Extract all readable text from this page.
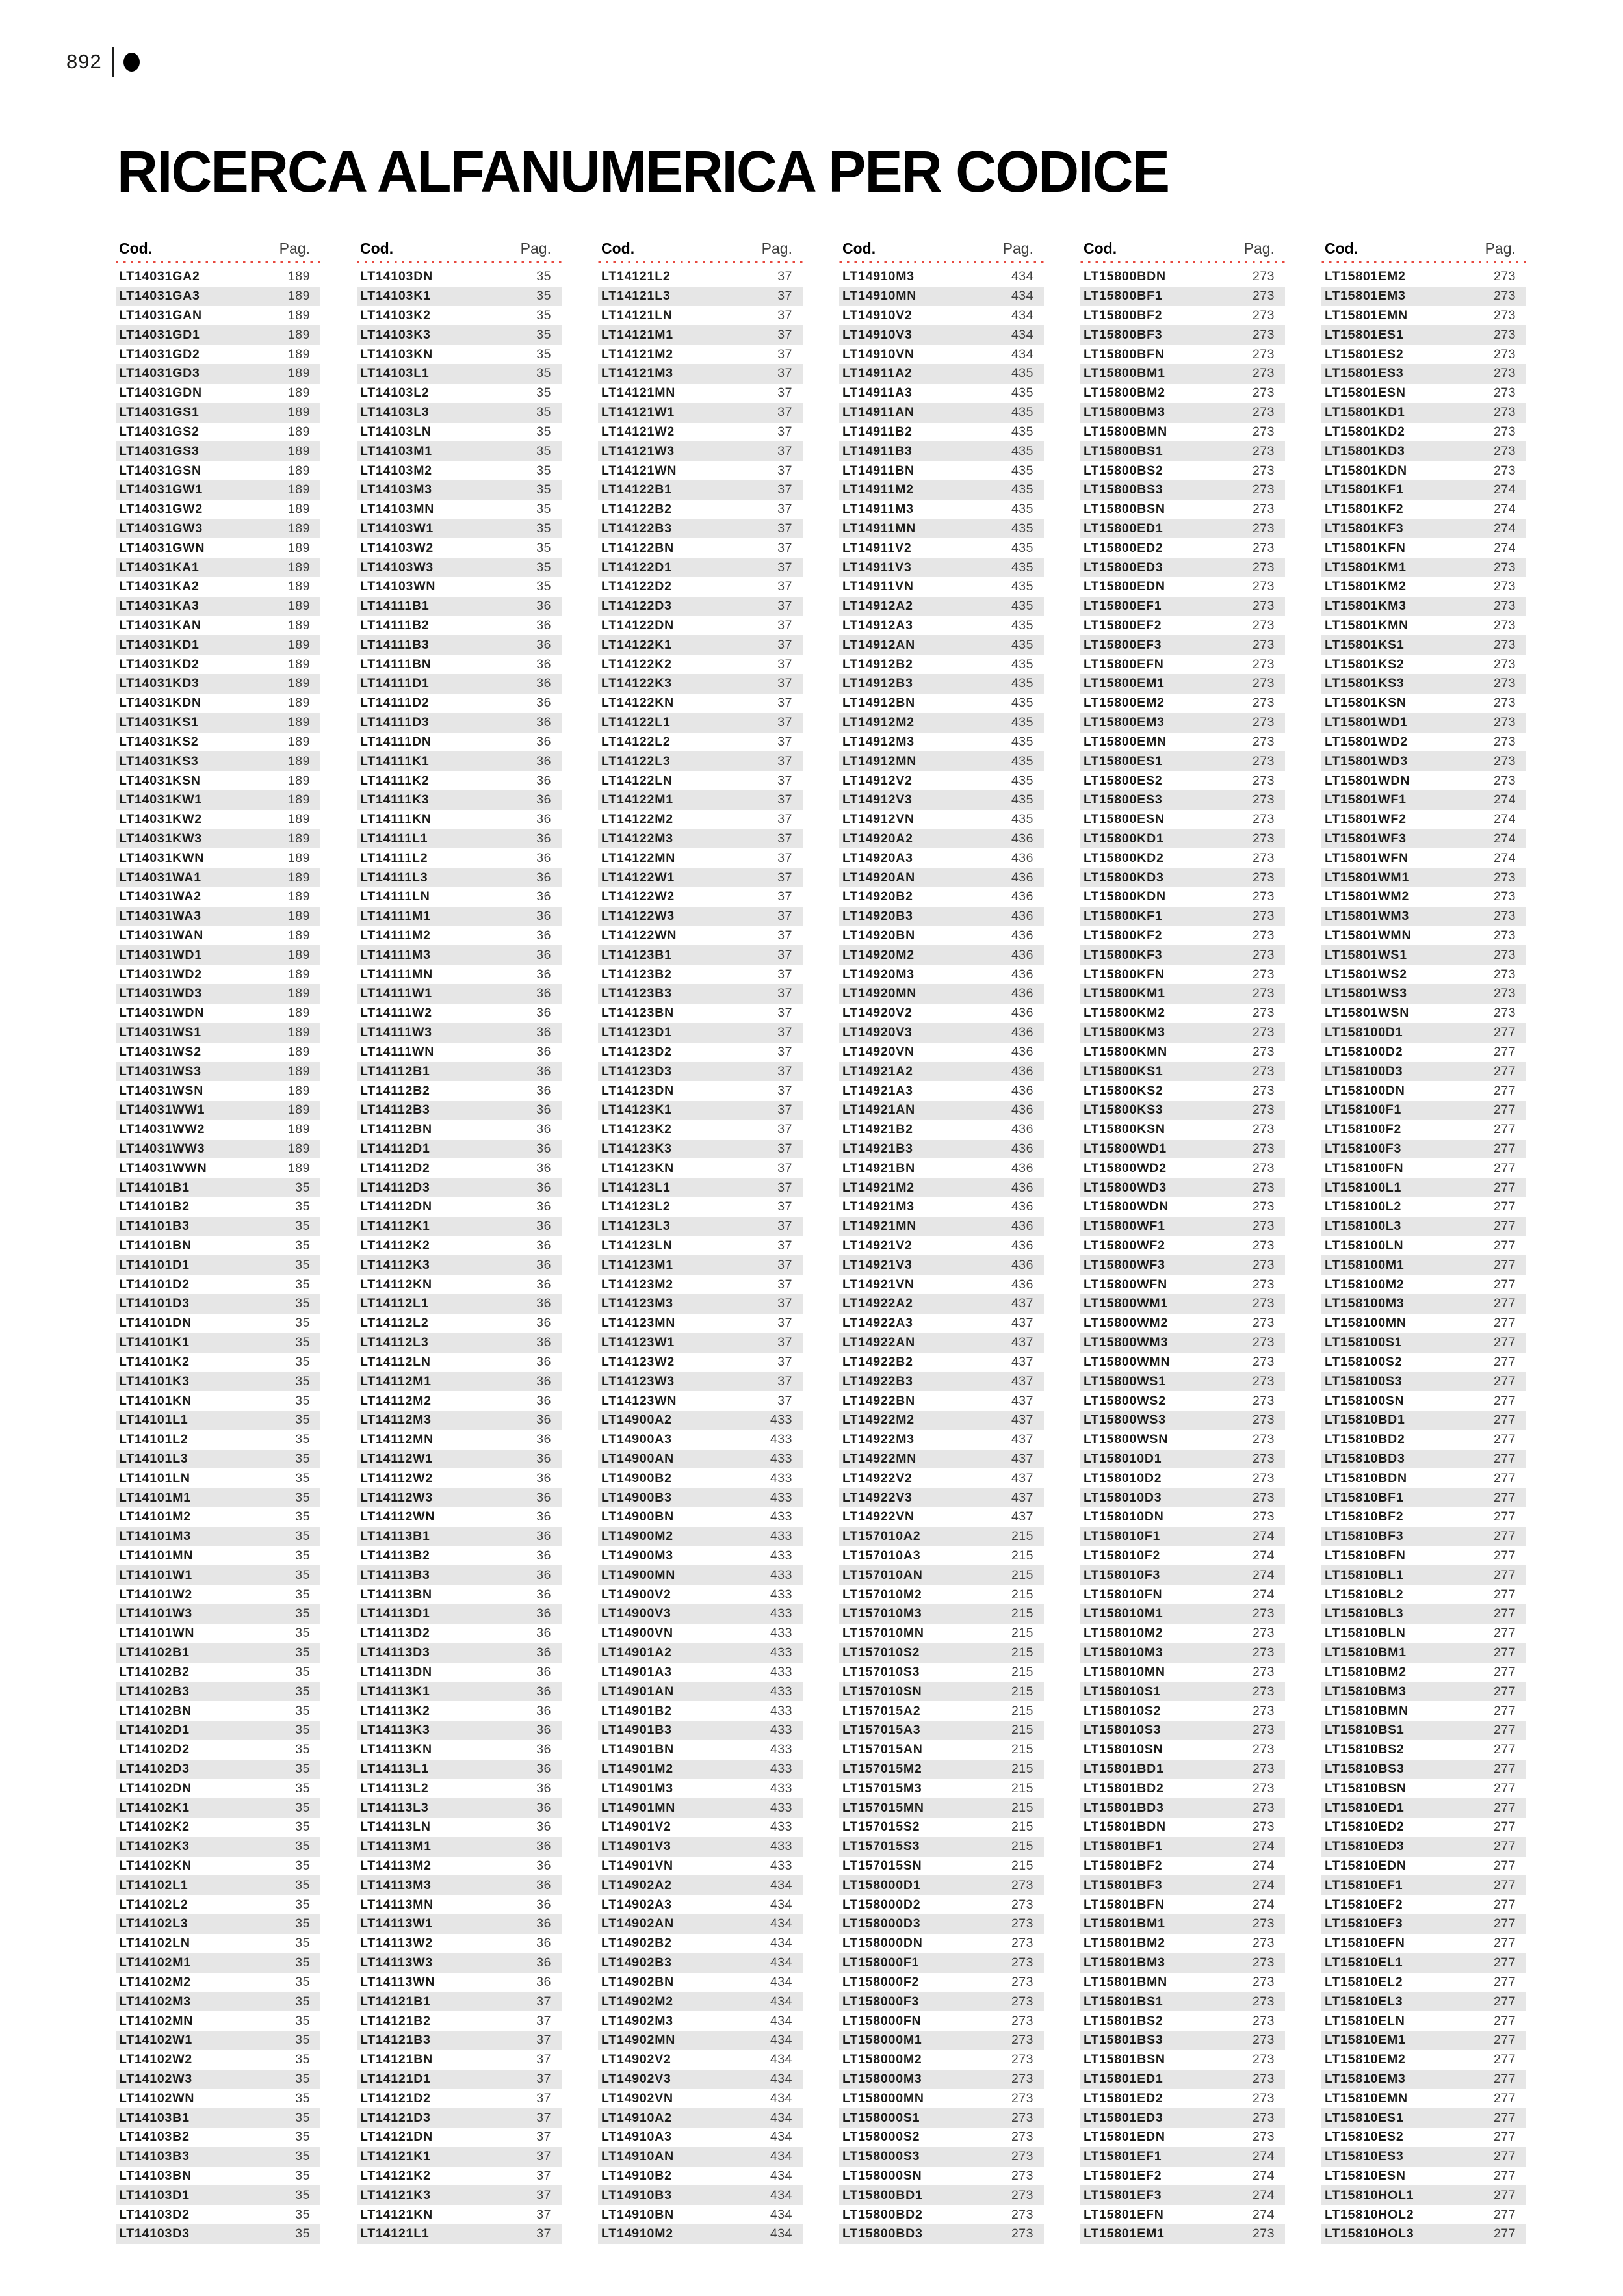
892
RICERCA ALFANUMERICA PER CODICE
Cod.	Pag.
LT14031GA2	189
LT14031GA3	189
LT14031GAN	189
LT14031GD1	189
LT14031GD2	189
LT14031GD3	189
LT14031GDN	189
LT14031GS1	189
LT14031GS2	189
LT14031GS3	189
LT14031GSN	189
LT14031GW1	189
LT14031GW2	189
LT14031GW3	189
LT14031GWN	189
LT14031KA1	189
LT14031KA2	189
LT14031KA3	189
LT14031KAN	189
LT14031KD1	189
LT14031KD2	189
LT14031KD3	189
LT14031KDN	189
LT14031KS1	189
LT14031KS2	189
LT14031KS3	189
LT14031KSN	189
LT14031KW1	189
LT14031KW2	189
LT14031KW3	189
LT14031KWN	189
LT14031WA1	189
LT14031WA2	189
LT14031WA3	189
LT14031WAN	189
LT14031WD1	189
LT14031WD2	189
LT14031WD3	189
LT14031WDN	189
LT14031WS1	189
LT14031WS2	189
LT14031WS3	189
LT14031WSN	189
LT14031WW1	189
LT14031WW2	189
LT14031WW3	189
LT14031WWN	189
LT14101B1	35
LT14101B2	35
LT14101B3	35
LT14101BN	35
LT14101D1	35
LT14101D2	35
LT14101D3	35
LT14101DN	35
LT14101K1	35
LT14101K2	35
LT14101K3	35
LT14101KN	35
LT14101L1	35
LT14101L2	35
LT14101L3	35
LT14101LN	35
LT14101M1	35
LT14101M2	35
LT14101M3	35
LT14101MN	35
LT14101W1	35
LT14101W2	35
LT14101W3	35
LT14101WN	35
LT14102B1	35
LT14102B2	35
LT14102B3	35
LT14102BN	35
LT14102D1	35
LT14102D2	35
LT14102D3	35
LT14102DN	35
LT14102K1	35
LT14102K2	35
LT14102K3	35
LT14102KN	35
LT14102L1	35
LT14102L2	35
LT14102L3	35
LT14102LN	35
LT14102M1	35
LT14102M2	35
LT14102M3	35
LT14102MN	35
LT14102W1	35
LT14102W2	35
LT14102W3	35
LT14102WN	35
LT14103B1	35
LT14103B2	35
LT14103B3	35
LT14103BN	35
LT14103D1	35
LT14103D2	35
LT14103D3	35
Cod.	Pag.
LT14103DN	35
LT14103K1	35
LT14103K2	35
LT14103K3	35
LT14103KN	35
LT14103L1	35
LT14103L2	35
LT14103L3	35
LT14103LN	35
LT14103M1	35
LT14103M2	35
LT14103M3	35
LT14103MN	35
LT14103W1	35
LT14103W2	35
LT14103W3	35
LT14103WN	35
LT14111B1	36
LT14111B2	36
LT14111B3	36
LT14111BN	36
LT14111D1	36
LT14111D2	36
LT14111D3	36
LT14111DN	36
LT14111K1	36
LT14111K2	36
LT14111K3	36
LT14111KN	36
LT14111L1	36
LT14111L2	36
LT14111L3	36
LT14111LN	36
LT14111M1	36
LT14111M2	36
LT14111M3	36
LT14111MN	36
LT14111W1	36
LT14111W2	36
LT14111W3	36
LT14111WN	36
LT14112B1	36
LT14112B2	36
LT14112B3	36
LT14112BN	36
LT14112D1	36
LT14112D2	36
LT14112D3	36
LT14112DN	36
LT14112K1	36
LT14112K2	36
LT14112K3	36
LT14112KN	36
LT14112L1	36
LT14112L2	36
LT14112L3	36
LT14112LN	36
LT14112M1	36
LT14112M2	36
LT14112M3	36
LT14112MN	36
LT14112W1	36
LT14112W2	36
LT14112W3	36
LT14112WN	36
LT14113B1	36
LT14113B2	36
LT14113B3	36
LT14113BN	36
LT14113D1	36
LT14113D2	36
LT14113D3	36
LT14113DN	36
LT14113K1	36
LT14113K2	36
LT14113K3	36
LT14113KN	36
LT14113L1	36
LT14113L2	36
LT14113L3	36
LT14113LN	36
LT14113M1	36
LT14113M2	36
LT14113M3	36
LT14113MN	36
LT14113W1	36
LT14113W2	36
LT14113W3	36
LT14113WN	36
LT14121B1	37
LT14121B2	37
LT14121B3	37
LT14121BN	37
LT14121D1	37
LT14121D2	37
LT14121D3	37
LT14121DN	37
LT14121K1	37
LT14121K2	37
LT14121K3	37
LT14121KN	37
LT14121L1	37
Cod.	Pag.
LT14121L2	37
LT14121L3	37
LT14121LN	37
LT14121M1	37
LT14121M2	37
LT14121M3	37
LT14121MN	37
LT14121W1	37
LT14121W2	37
LT14121W3	37
LT14121WN	37
LT14122B1	37
LT14122B2	37
LT14122B3	37
LT14122BN	37
LT14122D1	37
LT14122D2	37
LT14122D3	37
LT14122DN	37
LT14122K1	37
LT14122K2	37
LT14122K3	37
LT14122KN	37
LT14122L1	37
LT14122L2	37
LT14122L3	37
LT14122LN	37
LT14122M1	37
LT14122M2	37
LT14122M3	37
LT14122MN	37
LT14122W1	37
LT14122W2	37
LT14122W3	37
LT14122WN	37
LT14123B1	37
LT14123B2	37
LT14123B3	37
LT14123BN	37
LT14123D1	37
LT14123D2	37
LT14123D3	37
LT14123DN	37
LT14123K1	37
LT14123K2	37
LT14123K3	37
LT14123KN	37
LT14123L1	37
LT14123L2	37
LT14123L3	37
LT14123LN	37
LT14123M1	37
LT14123M2	37
LT14123M3	37
LT14123MN	37
LT14123W1	37
LT14123W2	37
LT14123W3	37
LT14123WN	37
LT14900A2	433
LT14900A3	433
LT14900AN	433
LT14900B2	433
LT14900B3	433
LT14900BN	433
LT14900M2	433
LT14900M3	433
LT14900MN	433
LT14900V2	433
LT14900V3	433
LT14900VN	433
LT14901A2	433
LT14901A3	433
LT14901AN	433
LT14901B2	433
LT14901B3	433
LT14901BN	433
LT14901M2	433
LT14901M3	433
LT14901MN	433
LT14901V2	433
LT14901V3	433
LT14901VN	433
LT14902A2	434
LT14902A3	434
LT14902AN	434
LT14902B2	434
LT14902B3	434
LT14902BN	434
LT14902M2	434
LT14902M3	434
LT14902MN	434
LT14902V2	434
LT14902V3	434
LT14902VN	434
LT14910A2	434
LT14910A3	434
LT14910AN	434
LT14910B2	434
LT14910B3	434
LT14910BN	434
LT14910M2	434
Cod.	Pag.
LT14910M3	434
LT14910MN	434
LT14910V2	434
LT14910V3	434
LT14910VN	434
LT14911A2	435
LT14911A3	435
LT14911AN	435
LT14911B2	435
LT14911B3	435
LT14911BN	435
LT14911M2	435
LT14911M3	435
LT14911MN	435
LT14911V2	435
LT14911V3	435
LT14911VN	435
LT14912A2	435
LT14912A3	435
LT14912AN	435
LT14912B2	435
LT14912B3	435
LT14912BN	435
LT14912M2	435
LT14912M3	435
LT14912MN	435
LT14912V2	435
LT14912V3	435
LT14912VN	435
LT14920A2	436
LT14920A3	436
LT14920AN	436
LT14920B2	436
LT14920B3	436
LT14920BN	436
LT14920M2	436
LT14920M3	436
LT14920MN	436
LT14920V2	436
LT14920V3	436
LT14920VN	436
LT14921A2	436
LT14921A3	436
LT14921AN	436
LT14921B2	436
LT14921B3	436
LT14921BN	436
LT14921M2	436
LT14921M3	436
LT14921MN	436
LT14921V2	436
LT14921V3	436
LT14921VN	436
LT14922A2	437
LT14922A3	437
LT14922AN	437
LT14922B2	437
LT14922B3	437
LT14922BN	437
LT14922M2	437
LT14922M3	437
LT14922MN	437
LT14922V2	437
LT14922V3	437
LT14922VN	437
LT157010A2	215
LT157010A3	215
LT157010AN	215
LT157010M2	215
LT157010M3	215
LT157010MN	215
LT157010S2	215
LT157010S3	215
LT157010SN	215
LT157015A2	215
LT157015A3	215
LT157015AN	215
LT157015M2	215
LT157015M3	215
LT157015MN	215
LT157015S2	215
LT157015S3	215
LT157015SN	215
LT158000D1	273
LT158000D2	273
LT158000D3	273
LT158000DN	273
LT158000F1	273
LT158000F2	273
LT158000F3	273
LT158000FN	273
LT158000M1	273
LT158000M2	273
LT158000M3	273
LT158000MN	273
LT158000S1	273
LT158000S2	273
LT158000S3	273
LT158000SN	273
LT15800BD1	273
LT15800BD2	273
LT15800BD3	273
Cod.	Pag.
LT15800BDN	273
LT15800BF1	273
LT15800BF2	273
LT15800BF3	273
LT15800BFN	273
LT15800BM1	273
LT15800BM2	273
LT15800BM3	273
LT15800BMN	273
LT15800BS1	273
LT15800BS2	273
LT15800BS3	273
LT15800BSN	273
LT15800ED1	273
LT15800ED2	273
LT15800ED3	273
LT15800EDN	273
LT15800EF1	273
LT15800EF2	273
LT15800EF3	273
LT15800EFN	273
LT15800EM1	273
LT15800EM2	273
LT15800EM3	273
LT15800EMN	273
LT15800ES1	273
LT15800ES2	273
LT15800ES3	273
LT15800ESN	273
LT15800KD1	273
LT15800KD2	273
LT15800KD3	273
LT15800KDN	273
LT15800KF1	273
LT15800KF2	273
LT15800KF3	273
LT15800KFN	273
LT15800KM1	273
LT15800KM2	273
LT15800KM3	273
LT15800KMN	273
LT15800KS1	273
LT15800KS2	273
LT15800KS3	273
LT15800KSN	273
LT15800WD1	273
LT15800WD2	273
LT15800WD3	273
LT15800WDN	273
LT15800WF1	273
LT15800WF2	273
LT15800WF3	273
LT15800WFN	273
LT15800WM1	273
LT15800WM2	273
LT15800WM3	273
LT15800WMN	273
LT15800WS1	273
LT15800WS2	273
LT15800WS3	273
LT15800WSN	273
LT158010D1	273
LT158010D2	273
LT158010D3	273
LT158010DN	273
LT158010F1	274
LT158010F2	274
LT158010F3	274
LT158010FN	274
LT158010M1	273
LT158010M2	273
LT158010M3	273
LT158010MN	273
LT158010S1	273
LT158010S2	273
LT158010S3	273
LT158010SN	273
LT15801BD1	273
LT15801BD2	273
LT15801BD3	273
LT15801BDN	273
LT15801BF1	274
LT15801BF2	274
LT15801BF3	274
LT15801BFN	274
LT15801BM1	273
LT15801BM2	273
LT15801BM3	273
LT15801BMN	273
LT15801BS1	273
LT15801BS2	273
LT15801BS3	273
LT15801BSN	273
LT15801ED1	273
LT15801ED2	273
LT15801ED3	273
LT15801EDN	273
LT15801EF1	274
LT15801EF2	274
LT15801EF3	274
LT15801EFN	274
LT15801EM1	273
Cod.	Pag.
LT15801EM2	273
LT15801EM3	273
LT15801EMN	273
LT15801ES1	273
LT15801ES2	273
LT15801ES3	273
LT15801ESN	273
LT15801KD1	273
LT15801KD2	273
LT15801KD3	273
LT15801KDN	273
LT15801KF1	274
LT15801KF2	274
LT15801KF3	274
LT15801KFN	274
LT15801KM1	273
LT15801KM2	273
LT15801KM3	273
LT15801KMN	273
LT15801KS1	273
LT15801KS2	273
LT15801KS3	273
LT15801KSN	273
LT15801WD1	273
LT15801WD2	273
LT15801WD3	273
LT15801WDN	273
LT15801WF1	274
LT15801WF2	274
LT15801WF3	274
LT15801WFN	274
LT15801WM1	273
LT15801WM2	273
LT15801WM3	273
LT15801WMN	273
LT15801WS1	273
LT15801WS2	273
LT15801WS3	273
LT15801WSN	273
LT158100D1	277
LT158100D2	277
LT158100D3	277
LT158100DN	277
LT158100F1	277
LT158100F2	277
LT158100F3	277
LT158100FN	277
LT158100L1	277
LT158100L2	277
LT158100L3	277
LT158100LN	277
LT158100M1	277
LT158100M2	277
LT158100M3	277
LT158100MN	277
LT158100S1	277
LT158100S2	277
LT158100S3	277
LT158100SN	277
LT15810BD1	277
LT15810BD2	277
LT15810BD3	277
LT15810BDN	277
LT15810BF1	277
LT15810BF2	277
LT15810BF3	277
LT15810BFN	277
LT15810BL1	277
LT15810BL2	277
LT15810BL3	277
LT15810BLN	277
LT15810BM1	277
LT15810BM2	277
LT15810BM3	277
LT15810BMN	277
LT15810BS1	277
LT15810BS2	277
LT15810BS3	277
LT15810BSN	277
LT15810ED1	277
LT15810ED2	277
LT15810ED3	277
LT15810EDN	277
LT15810EF1	277
LT15810EF2	277
LT15810EF3	277
LT15810EFN	277
LT15810EL1	277
LT15810EL2	277
LT15810EL3	277
LT15810ELN	277
LT15810EM1	277
LT15810EM2	277
LT15810EM3	277
LT15810EMN	277
LT15810ES1	277
LT15810ES2	277
LT15810ES3	277
LT15810ESN	277
LT15810HOL1	277
LT15810HOL2	277
LT15810HOL3	277
